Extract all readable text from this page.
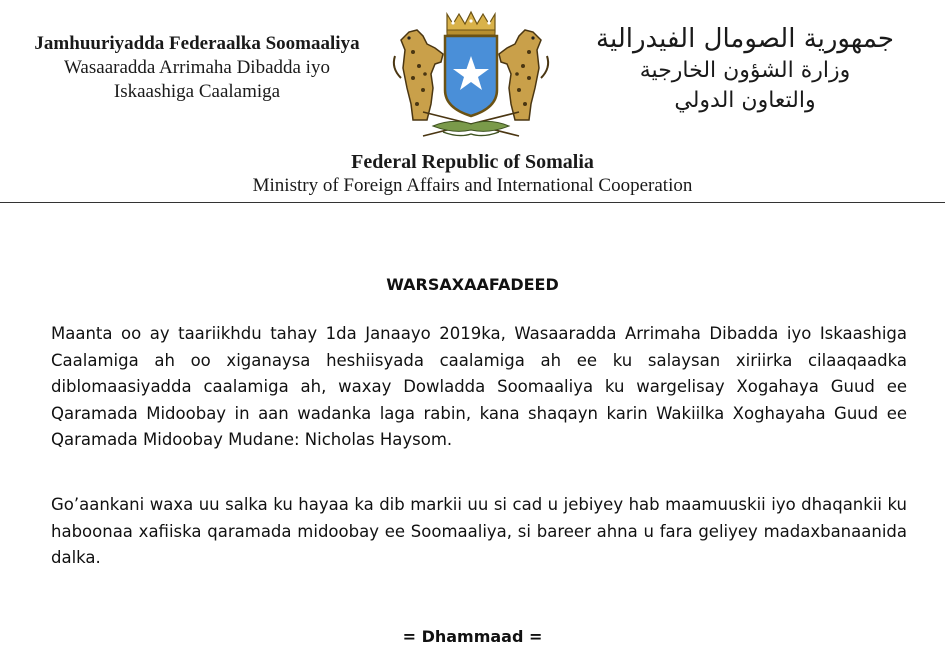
Jamhuuriyadda Federaalka Soomaaliya
Wasaaradda Arrimaha Dibadda iyo
Iskaashiga Caalamiga
جمهورية الصومال الفيدرالية
وزارة الشؤون الخارجية
والتعاون الدولي
Federal Republic of Somalia
Ministry of Foreign Affairs and International Cooperation
WARSAXAAFADEED

Maanta oo ay taariikhdu tahay 1da Janaayo 2019ka, Wasaaradda Arrimaha Dibadda iyo Iskaashiga Caalamiga ah oo xiganaysa heshiisyada caalamiga ah ee ku salaysan xiriirka cilaaqaadka diblomaasiyadda caalamiga ah, waxay Dowladda Soomaaliya ku wargelisay Xogahaya Guud ee Qaramada Midoobay in aan wadanka laga rabin, kana shaqayn karin Wakiilka Xoghayaha Guud ee Qaramada Midoobay Mudane: Nicholas Haysom.

Go’aankani waxa uu salka ku hayaa ka dib markii uu si cad u jebiyey hab maamuuskii iyo dhaqankii ku haboonaa xafiiska qaramada midoobay ee Soomaaliya, si bareer ahna u fara geliyey madaxbanaanida dalka.

= Dhammaad =
